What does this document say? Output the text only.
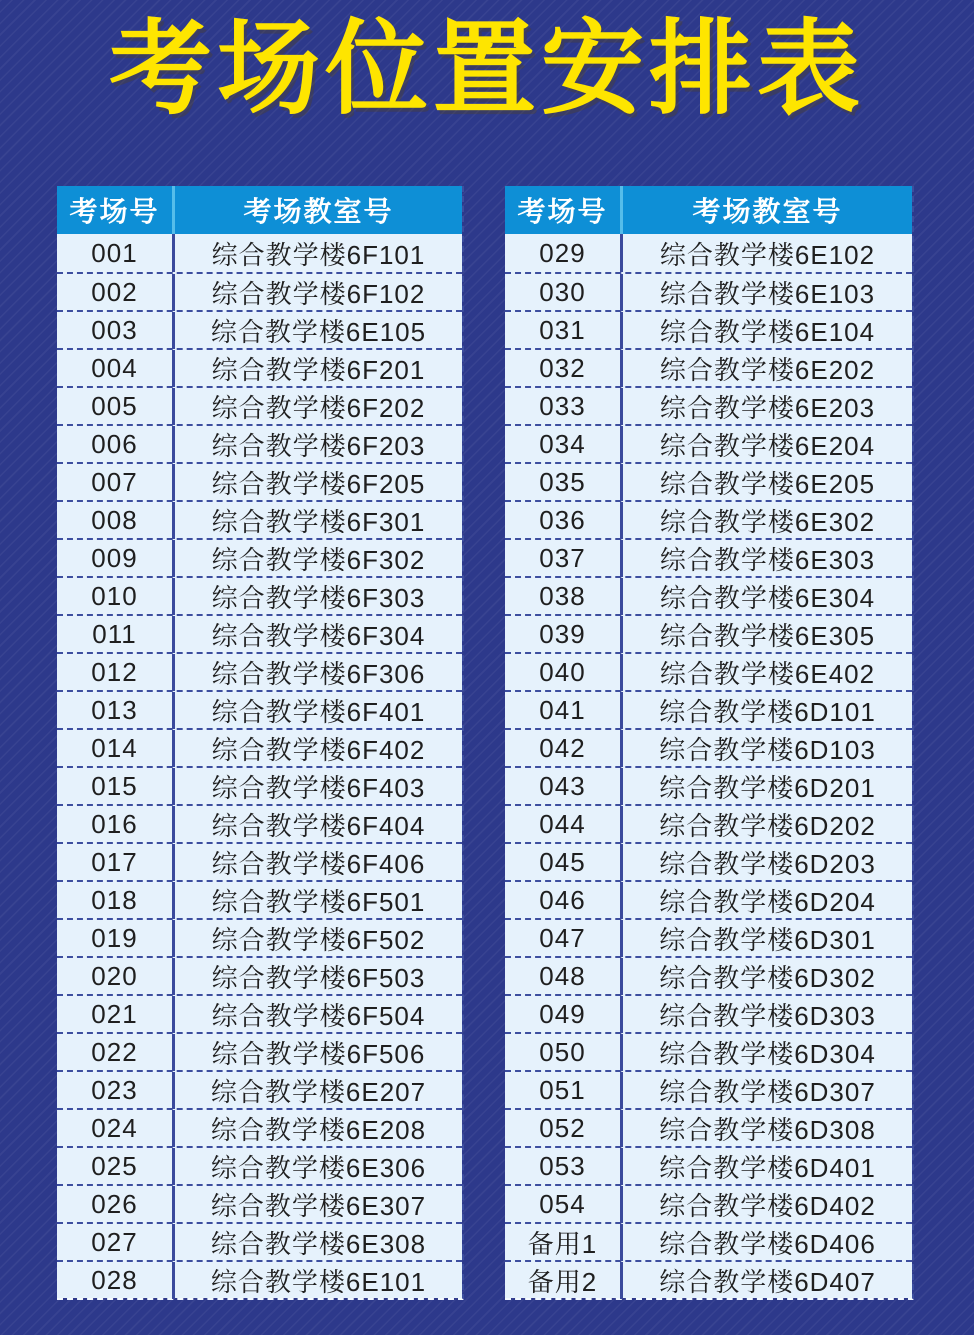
考场位置安排表
考场号	考场教室号
001	综合教学楼6F101
002	综合教学楼6F102
003	综合教学楼6E105
004	综合教学楼6F201
005	综合教学楼6F202
006	综合教学楼6F203
007	综合教学楼6F205
008	综合教学楼6F301
009	综合教学楼6F302
010	综合教学楼6F303
011	综合教学楼6F304
012	综合教学楼6F306
013	综合教学楼6F401
014	综合教学楼6F402
015	综合教学楼6F403
016	综合教学楼6F404
017	综合教学楼6F406
018	综合教学楼6F501
019	综合教学楼6F502
020	综合教学楼6F503
021	综合教学楼6F504
022	综合教学楼6F506
023	综合教学楼6E207
024	综合教学楼6E208
025	综合教学楼6E306
026	综合教学楼6E307
027	综合教学楼6E308
028	综合教学楼6E101
考场号	考场教室号
029	综合教学楼6E102
030	综合教学楼6E103
031	综合教学楼6E104
032	综合教学楼6E202
033	综合教学楼6E203
034	综合教学楼6E204
035	综合教学楼6E205
036	综合教学楼6E302
037	综合教学楼6E303
038	综合教学楼6E304
039	综合教学楼6E305
040	综合教学楼6E402
041	综合教学楼6D101
042	综合教学楼6D103
043	综合教学楼6D201
044	综合教学楼6D202
045	综合教学楼6D203
046	综合教学楼6D204
047	综合教学楼6D301
048	综合教学楼6D302
049	综合教学楼6D303
050	综合教学楼6D304
051	综合教学楼6D307
052	综合教学楼6D308
053	综合教学楼6D401
054	综合教学楼6D402
备用1	综合教学楼6D406
备用2	综合教学楼6D407
